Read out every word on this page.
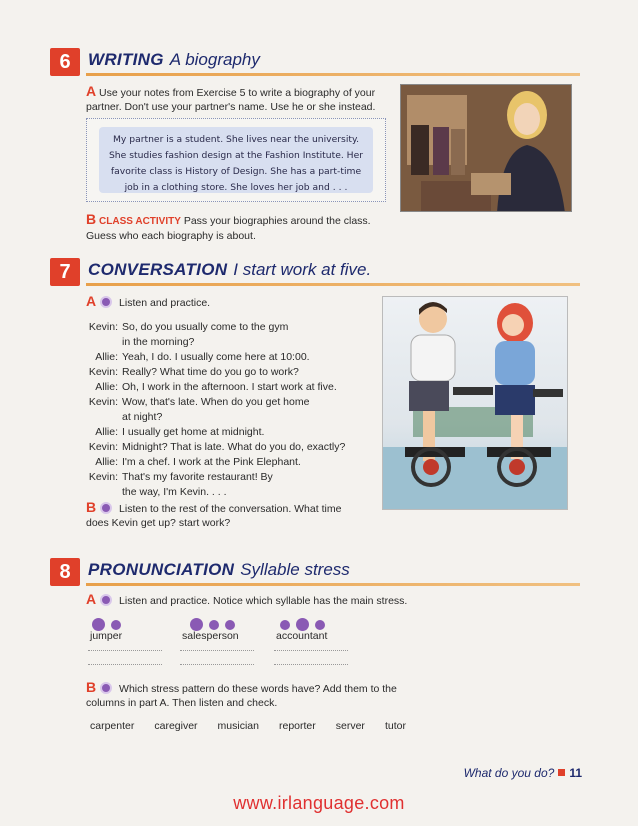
6	WRITING A biography
A Use your notes from Exercise 5 to write a biography of your
partner. Don't use your partner's name. Use he or she instead.
My partner is a student. She lives near the university.
She studies fashion design at the Fashion Institute. Her
favorite class is History of Design. She has a part-time
job in a clothing store. She loves her job and . . .
B CLASS ACTIVITY Pass your biographies around the class.
Guess who each biography is about.
7	CONVERSATION I start work at five.
A Listen and practice.
Kevin: So, do you usually come to the gym
in the morning?
Allie: Yeah, I do. I usually come here at 10:00.
Kevin: Really? What time do you go to work?
Allie: Oh, I work in the afternoon. I start work at five.
Kevin: Wow, that's late. When do you get home
at night?
Allie: I usually get home at midnight.
Kevin: Midnight? That is late. What do you do, exactly?
Allie: I'm a chef. I work at the Pink Elephant.
Kevin: That's my favorite restaurant! By
the way, I'm Kevin. . . .
B Listen to the rest of the conversation. What time
does Kevin get up? start work?
8	PRONUNCIATION Syllable stress
A Listen and practice. Notice which syllable has the main stress.
jumper	salesperson	accountant
B Which stress pattern do these words have? Add them to the
columns in part A. Then listen and check.
carpenter caregiver musician reporter server tutor
What do you do? 11
www.irlanguage.com
